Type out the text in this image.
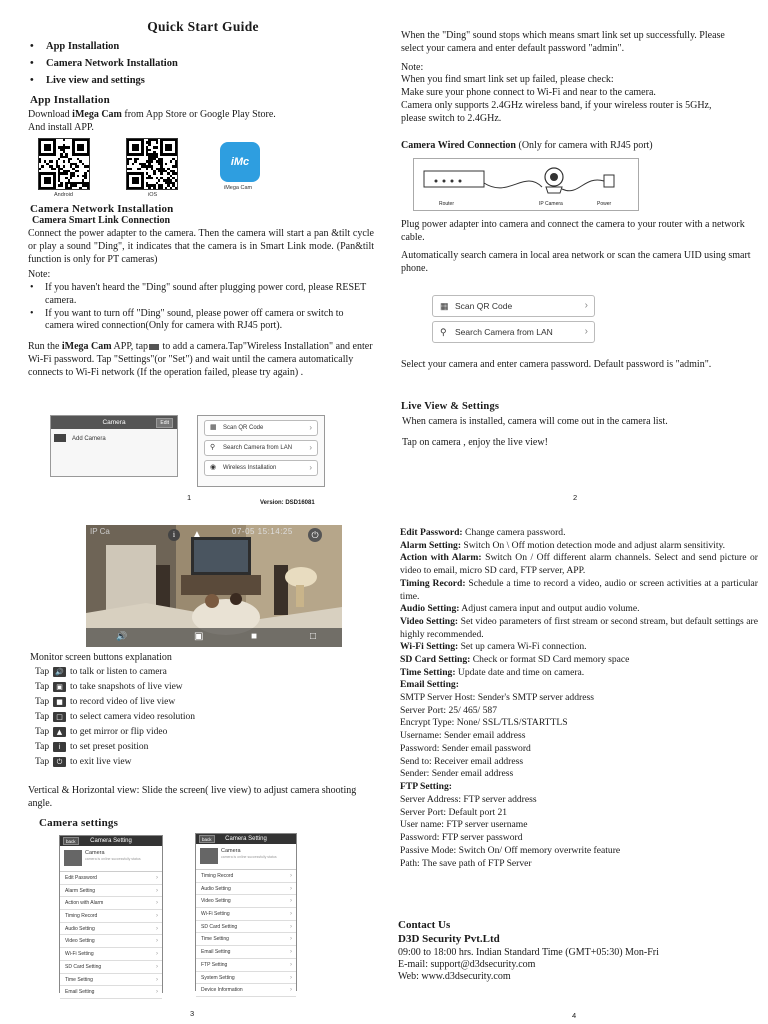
Quick Start Guide
• App Installation
• Camera Network Installation
• Live view and settings
App Installation
Download iMega Cam from App Store or Google Play Store.
And install APP.
Android	iOS
iMc
iMega Cam
Camera Network Installation
Camera Smart Link Connection
Connect the power adapter to the camera. Then the camera will start a pan &tilt cycle or play a sound "Ding", it indicates that the camera is in Smart Link mode. (Pan&tilt function is only for PT cameras)
Note:
• If you haven't heard the "Ding" sound after plugging power cord, please RESET camera.
• If you want to turn off "Ding" sound, please power off camera or switch to camera wired connection(Only for camera with RJ45 port).
Run the iMega Cam APP, tap to add a camera.Tap"Wireless Installation" and enter Wi-Fi password. Tap "Settings"(or "Set") and wait until the camera automatically connects to Wi-Fi network (If the operation failed, please try again) .
Camera	Edit
Add Camera
▦ Scan QR Code	›
⚲	Search Camera from LAN ›
◉	Wireless Installation	›
1
Version: DSD16081
When the "Ding" sound stops which means smart link set up successfully. Please select your camera and enter default password "admin".
Note:
When you find smart link set up failed, please check:
Make sure your phone connect to Wi-Fi and near to the camera.
Camera only supports 2.4GHz wireless band, if your wireless router is 5GHz, please switch to 2.4GHz.
Camera Wired Connection (Only for camera with RJ45 port)
Router	IP Camera	Power
Plug power adapter into camera and connect the camera to your router with a network cable.
Automatically search camera in local area network or scan the camera UID using smart phone.
▦ Scan QR Code	›
⚲ Search Camera from LAN	›
Select your camera and enter camera password. Default password is "admin".
Live View & Settings
When camera is installed, camera will come out in the camera list.
Tap on camera , enjoy the live view!
2
IP Ca	07-05 15:14:25
i	▲	⏻
🔊	▣	■	□
Monitor screen buttons explanation
Tap 🔊 to talk or listen to camera
Tap ▣ to take snapshots of live view
Tap ■ to record video of live view
Tap □ to select camera video resolution
Tap ▲ to get mirror or flip video
Tap i to set preset position
Tap ⏻ to exit live view
Vertical & Horizontal view: Slide the screen( live view) to adjust camera shooting angle.
Camera settings
back	Camera Setting
Camera
camera is online successfully status
Edit Password	›
Alarm Setting	›
Action with Alarm	›
Timing Record	›
Audio Setting	›
Video Setting	›
Wi-Fi Setting	›
SD Card Setting	›
Time Setting	›
Email Setting	›
back	Camera Setting
Camera
camera is online successfully status
Timing Record	›
Audio Setting	›
Video Setting	›
Wi-Fi Setting	›
SD Card Setting	›
Time Setting	›
Email Setting	›
FTP Setting	›
System Setting	›
Device Information	›
3

Edit Password: Change camera password.

Alarm Setting: Switch On \ Off motion detection mode and adjust alarm sensitivity.

Action with Alarm: Switch On / Off different alarm channels. Select and send picture or video to email, micro SD card, FTP server, APP.

Timing Record: Schedule a time to record a video, audio or screen activities at a particular time.

Audio Setting: Adjust camera input and output audio volume.

Video Setting: Set video parameters of first stream or second stream, but default settings are highly recommended.

Wi-Fi Setting: Set up camera Wi-Fi connection.

SD Card Setting: Check or format SD Card memory space

Time Setting: Update date and time on camera.

Email Setting:

SMTP Server Host: Sender's SMTP server address

Server Port: 25/ 465/ 587

Encrypt Type: None/ SSL/TLS/STARTTLS

Username: Sender email address

Password: Sender email password

Send to: Receiver email address

Sender: Sender email address

FTP Setting:

Server Address: FTP server address

Server Port: Default port 21

User name: FTP server username

Password: FTP server password

Passive Mode: Switch On/ Off memory overwrite feature

Path: The save path of FTP Server

Contact Us
D3D Security Pvt.Ltd
09:00 to 18:00 hrs. Indian Standard Time (GMT+05:30) Mon-Fri
E-mail: support@d3dsecurity.com
Web: www.d3dsecurity.com
4
